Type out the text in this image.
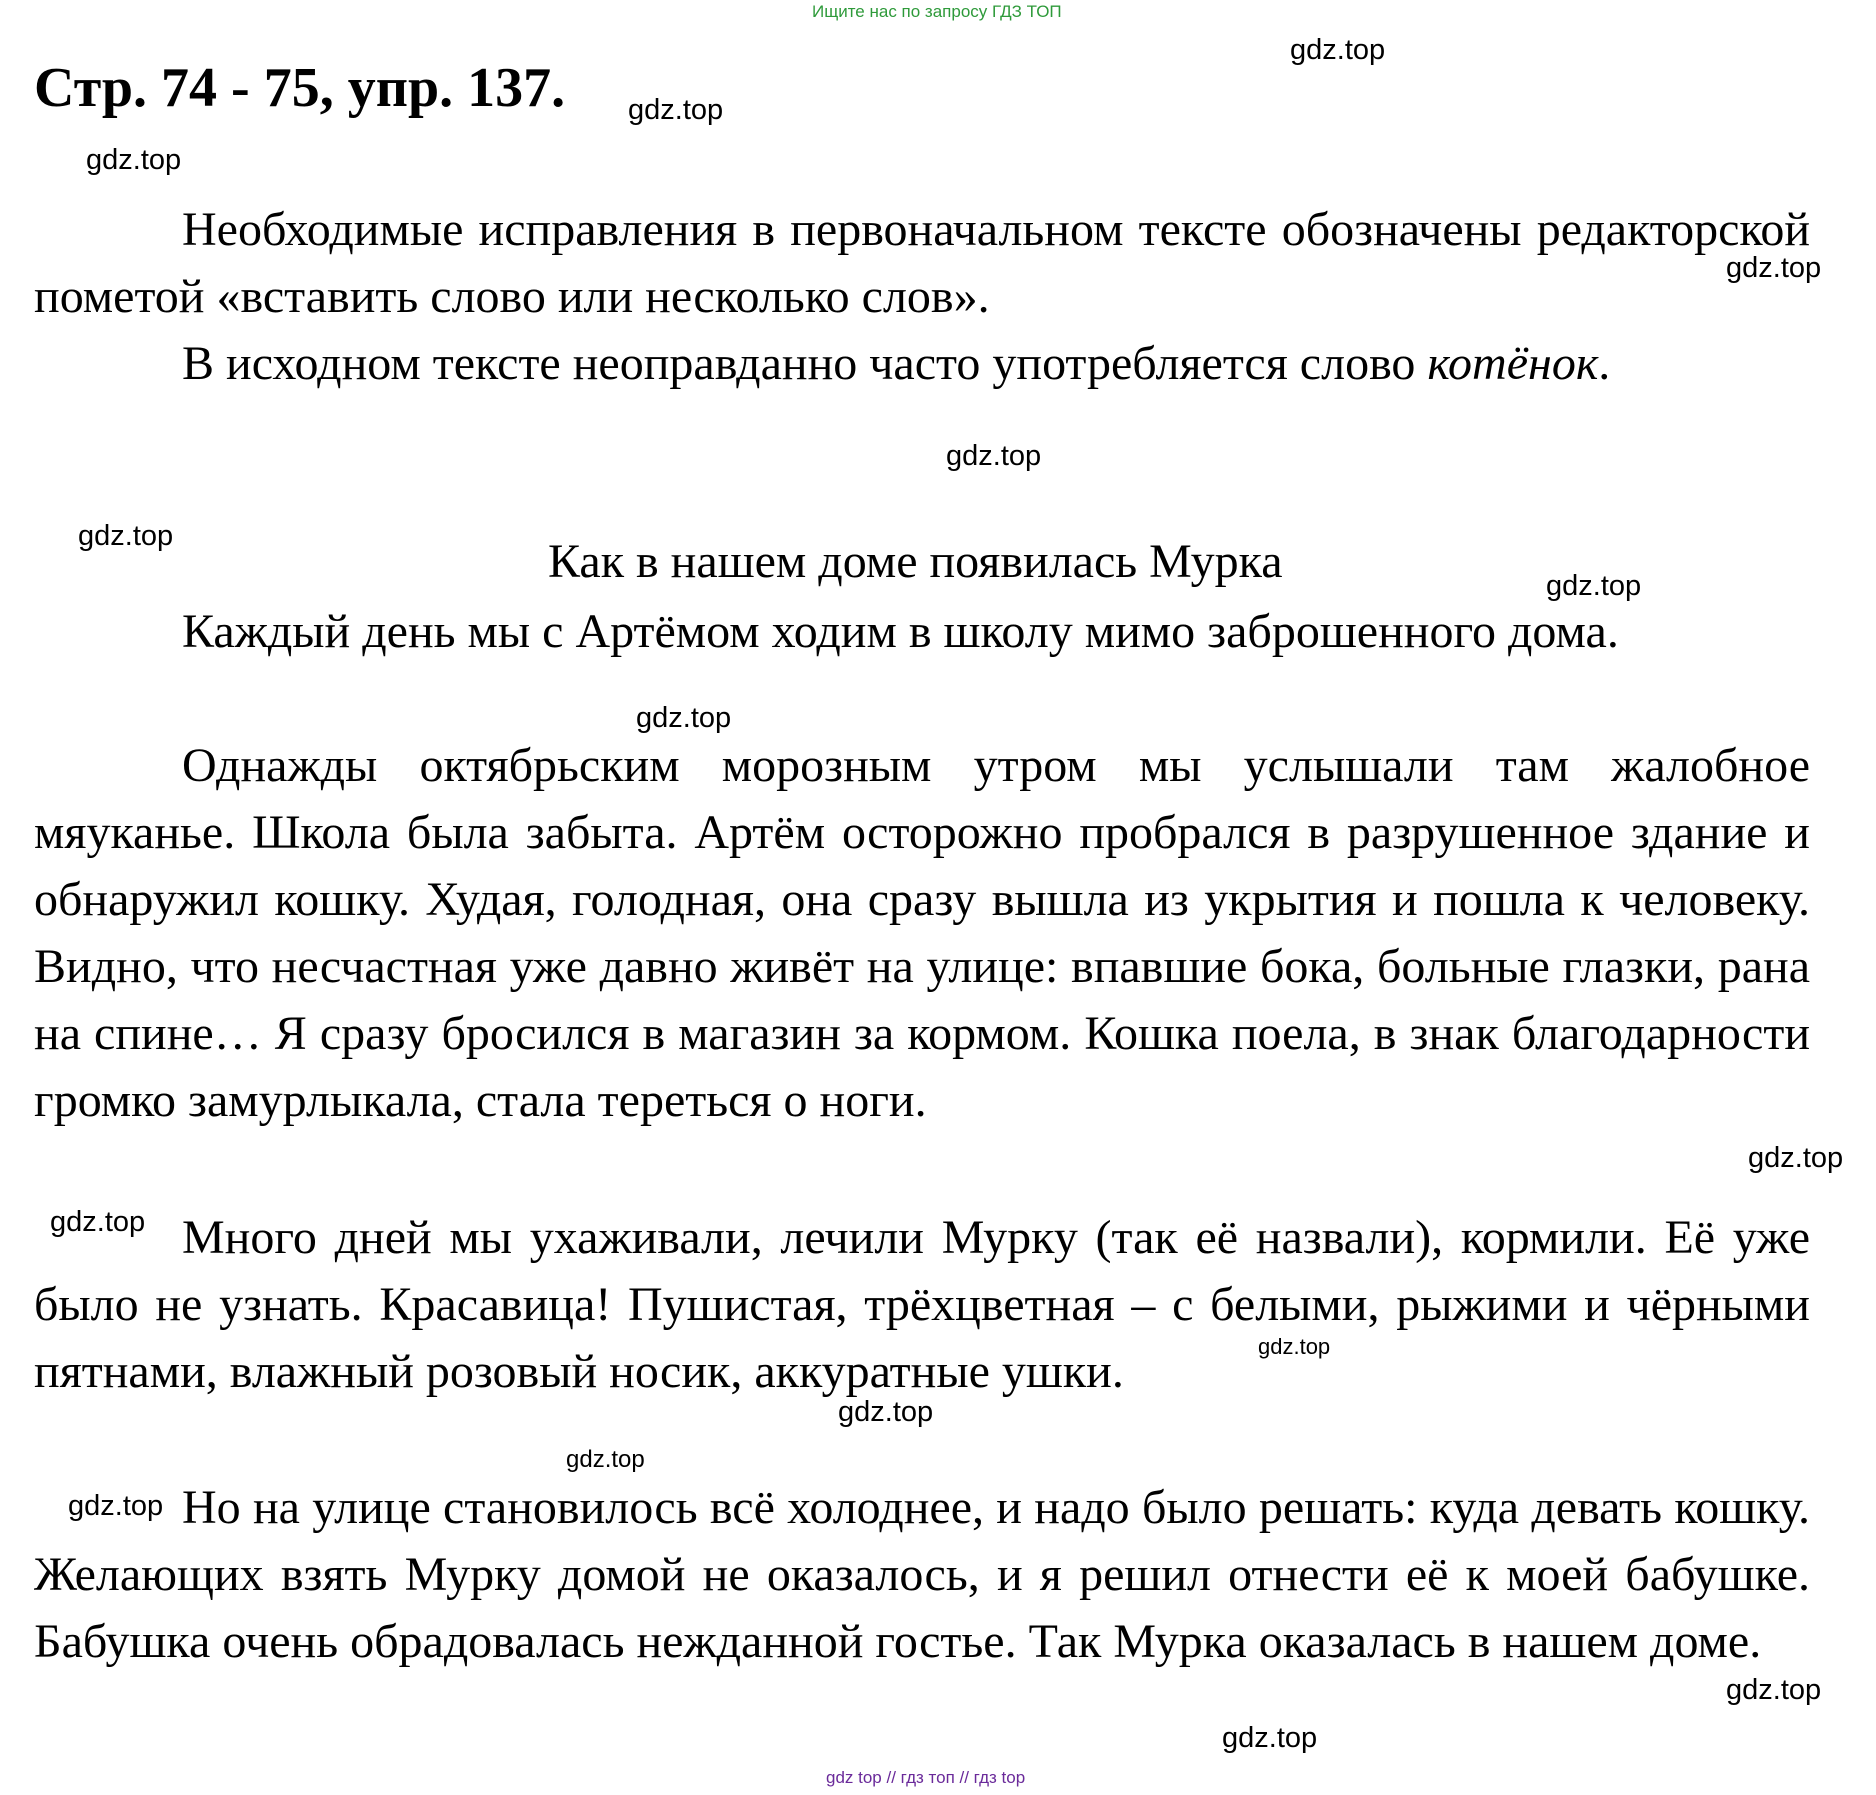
Ищите нас по запросу ГДЗ ТОП
Стр. 74 - 75, упр. 137.
gdz.top
gdz.top
gdz.top
gdz.top
gdz.top
gdz.top
gdz.top
gdz.top
gdz.top
gdz.top
gdz.top
gdz.top
gdz.top
gdz.top
gdz.top
gdz.top
Необходимые исправления в первоначальном тексте обозначены редакторской пометой «вставить слово или несколько слов».
В исходном тексте неоправданно часто употребляется слово котёнок.
Как в нашем доме появилась Мурка
Каждый день мы с Артёмом ходим в школу мимо заброшенного дома.
Однажды октябрьским морозным утром мы услышали там жалобное мяуканье. Школа была забыта. Артём осторожно пробрался в разрушенное здание и обнаружил кошку. Худая, голодная, она сразу вышла из укрытия и пошла к человеку. Видно, что несчастная уже давно живёт на улице: впавшие бока, больные глазки, рана на спине… Я сразу бросился в магазин за кормом. Кошка поела, в знак благодарности громко замурлыкала, стала тереться о ноги.
Много дней мы ухаживали, лечили Мурку (так её назвали), кормили. Её уже было не узнать. Красавица! Пушистая, трёхцветная – с белыми, рыжими и чёрными пятнами, влажный розовый носик, аккуратные ушки.
Но на улице становилось всё холоднее, и надо было решать: куда девать кошку. Желающих взять Мурку домой не оказалось, и я решил отнести её к моей бабушке. Бабушка очень обрадовалась нежданной гостье. Так Мурка оказалась в нашем доме.
gdz top // гдз топ // гдз top
